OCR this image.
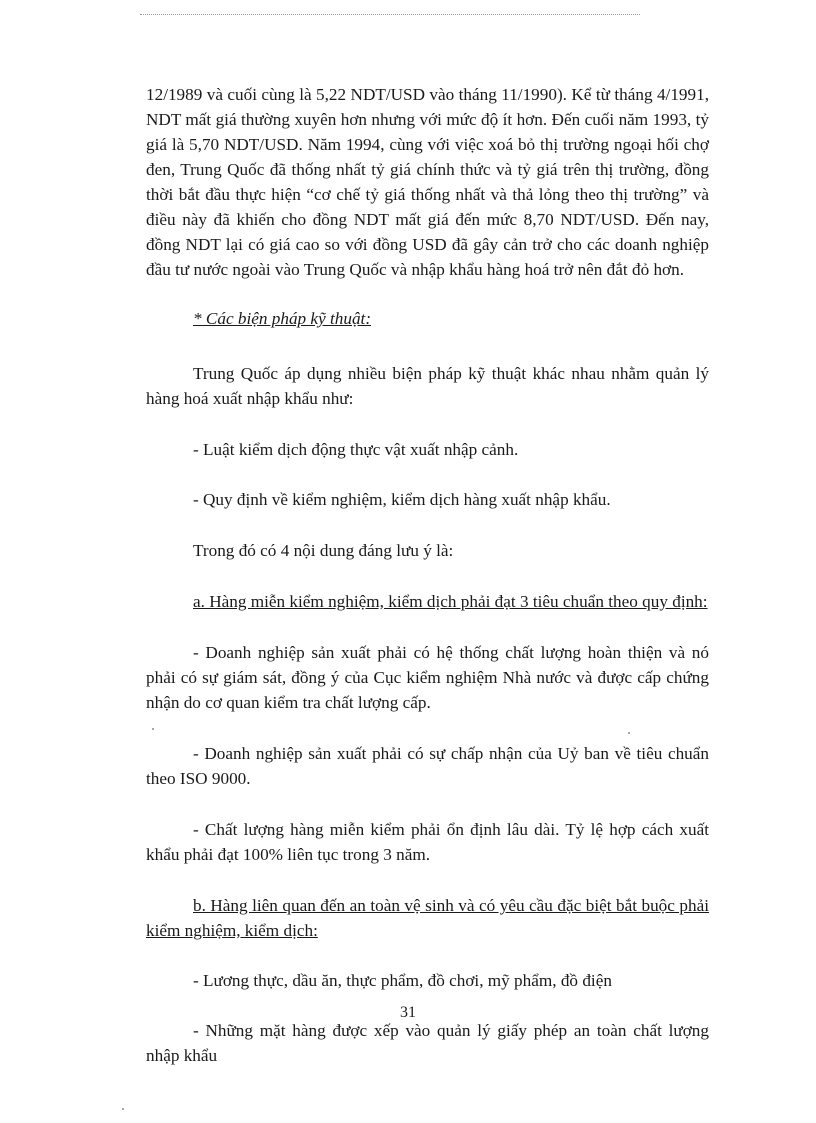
12/1989 và cuối cùng là 5,22 NDT/USD vào tháng 11/1990). Kể từ tháng 4/1991, NDT mất giá thường xuyên hơn nhưng với mức độ ít hơn. Đến cuối năm 1993, tỷ giá là 5,70 NDT/USD. Năm 1994, cùng với việc xoá bỏ thị trường ngoại hối chợ đen, Trung Quốc đã thống nhất tỷ giá chính thức và tỷ giá trên thị trường, đồng thời bắt đầu thực hiện “cơ chế tỷ giá thống nhất và thả lỏng theo thị trường” và điều này đã khiến cho đồng NDT mất giá đến mức 8,70 NDT/USD. Đến nay, đồng NDT lại có giá cao so với đồng USD đã gây cản trở cho các doanh nghiệp đầu tư nước ngoài vào Trung Quốc và nhập khẩu hàng hoá trở nên đắt đỏ hơn.

* Các biện pháp kỹ thuật:

Trung Quốc áp dụng nhiều biện pháp kỹ thuật khác nhau nhằm quản lý hàng hoá xuất nhập khẩu như:

- Luật kiểm dịch động thực vật xuất nhập cảnh.

- Quy định về kiểm nghiệm, kiểm dịch hàng xuất nhập khẩu.

Trong đó có 4 nội dung đáng lưu ý là:

a. Hàng miễn kiểm nghiệm, kiểm dịch phải đạt 3 tiêu chuẩn theo quy định:

- Doanh nghiệp sản xuất phải có hệ thống chất lượng hoàn thiện và nó phải có sự giám sát, đồng ý của Cục kiểm nghiệm Nhà nước và được cấp chứng nhận do cơ quan kiểm tra chất lượng cấp.

- Doanh nghiệp sản xuất phải có sự chấp nhận của Uỷ ban về tiêu chuẩn theo ISO 9000.

- Chất lượng hàng miễn kiểm phải ổn định lâu dài. Tỷ lệ hợp cách xuất khẩu phải đạt 100% liên tục trong 3 năm.

b. Hàng liên quan đến an toàn vệ sinh và có yêu cầu đặc biệt bắt buộc phải kiểm nghiệm, kiểm dịch:

- Lương thực, dầu ăn, thực phẩm, đồ chơi, mỹ phẩm, đồ điện

- Những mặt hàng được xếp vào quản lý giấy phép an toàn chất lượng nhập khẩu

31
